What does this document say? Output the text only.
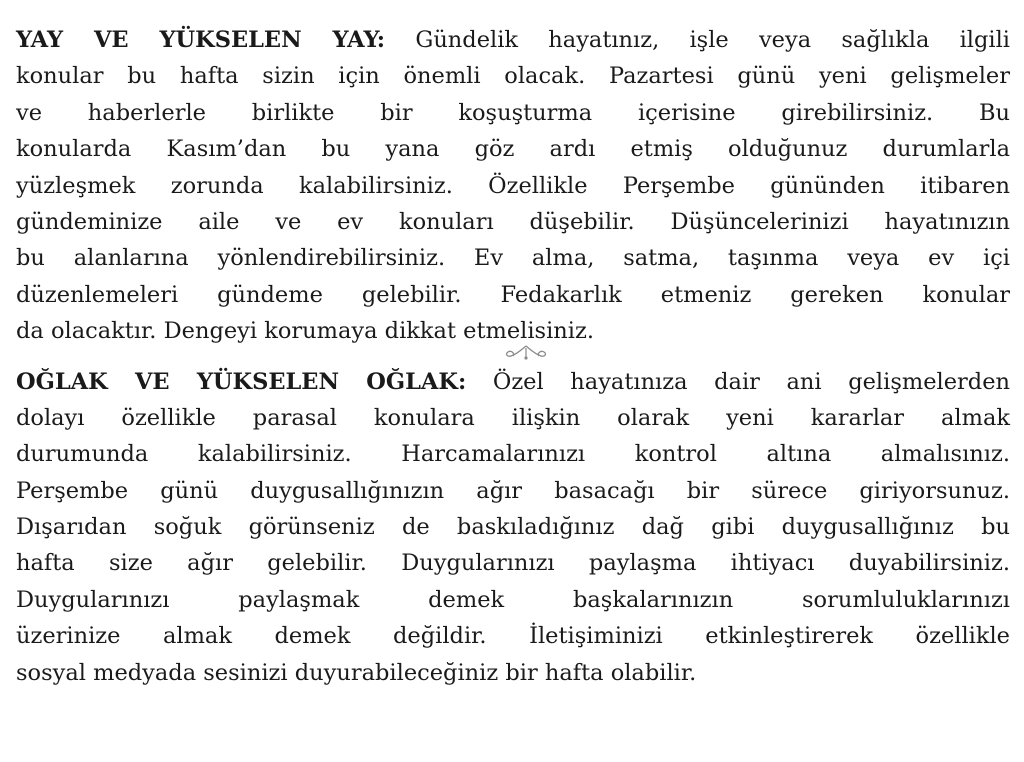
YAY VE YÜKSELEN YAY: Gündelik hayatınız, işle veya sağlıkla ilgili
konular bu hafta sizin için önemli olacak. Pazartesi günü yeni gelişmeler
ve haberlerle birlikte bir koşuşturma içerisine girebilirsiniz. Bu
konularda Kasım’dan bu yana göz ardı etmiş olduğunuz durumlarla
yüzleşmek zorunda kalabilirsiniz. Özellikle Perşembe gününden itibaren
gündeminize aile ve ev konuları düşebilir. Düşüncelerinizi hayatınızın
bu alanlarına yönlendirebilirsiniz. Ev alma, satma, taşınma veya ev içi
düzenlemeleri gündeme gelebilir. Fedakarlık etmeniz gereken konular
da olacaktır. Dengeyi korumaya dikkat etmelisiniz.
OĞLAK VE YÜKSELEN OĞLAK: Özel hayatınıza dair ani gelişmelerden
dolayı özellikle parasal konulara ilişkin olarak yeni kararlar almak
durumunda kalabilirsiniz. Harcamalarınızı kontrol altına almalısınız.
Perşembe günü duygusallığınızın ağır basacağı bir sürece giriyorsunuz.
Dışarıdan soğuk görünseniz de baskıladığınız dağ gibi duygusallığınız bu
hafta size ağır gelebilir. Duygularınızı paylaşma ihtiyacı duyabilirsiniz.
Duygularınızı paylaşmak demek başkalarınızın sorumluluklarınızı
üzerinize almak demek değildir. İletişiminizi etkinleştirerek özellikle
sosyal medyada sesinizi duyurabileceğiniz bir hafta olabilir.
